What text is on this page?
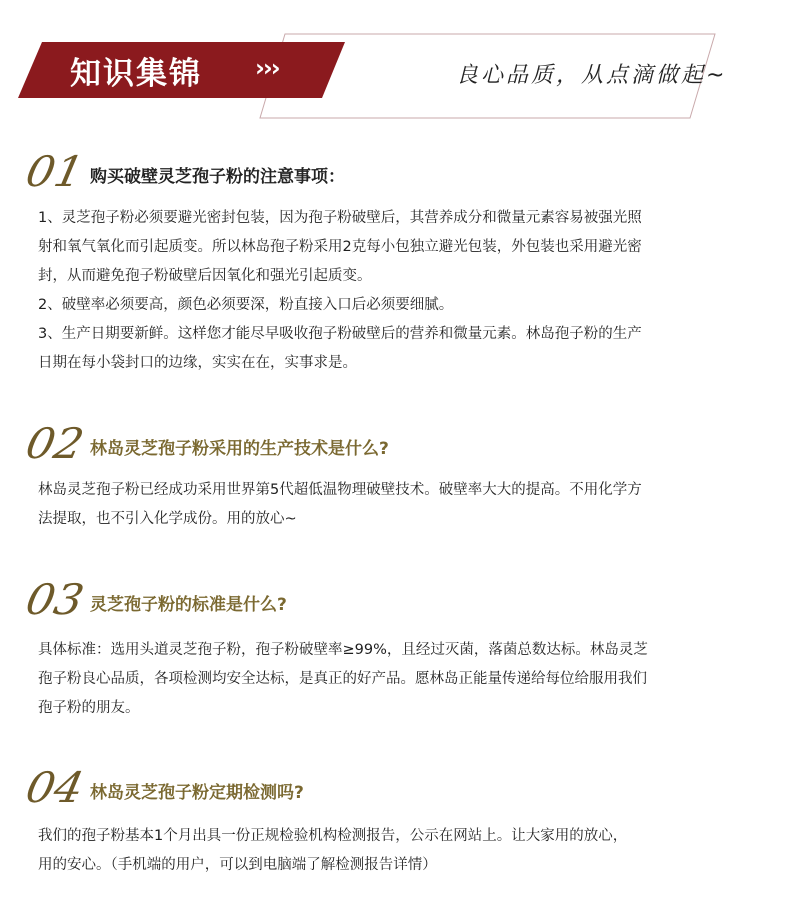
知识集锦 ›››	良心品质，从点滴做起~
01 购买破壁灵芝孢子粉的注意事项：

1、灵芝孢子粉必须要避光密封包装，因为孢子粉破壁后，其营养成分和微量元素容易被强光照

射和氧气氧化而引起质变。所以林岛孢子粉采用2克每小包独立避光包装，外包装也采用避光密

封，从而避免孢子粉破壁后因氧化和强光引起质变。

2、破壁率必须要高，颜色必须要深，粉直接入口后必须要细腻。

3、生产日期要新鲜。这样您才能尽早吸收孢子粉破壁后的营养和微量元素。林岛孢子粉的生产

日期在每小袋封口的边缘，实实在在，实事求是。

02 林岛灵芝孢子粉采用的生产技术是什么?

林岛灵芝孢子粉已经成功采用世界第5代超低温物理破壁技术。破壁率大大的提高。不用化学方

法提取，也不引入化学成份。用的放心~

03 灵芝孢子粉的标准是什么?

具体标准：选用头道灵芝孢子粉，孢子粉破壁率≥99%，且经过灭菌，落菌总数达标。林岛灵芝

孢子粉良心品质，各项检测均安全达标，是真正的好产品。愿林岛正能量传递给每位给服用我们

孢子粉的朋友。

04 林岛灵芝孢子粉定期检测吗?

我们的孢子粉基本1个月出具一份正规检验机构检测报告，公示在网站上。让大家用的放心，

用的安心。（手机端的用户，可以到电脑端了解检测报告详情）
